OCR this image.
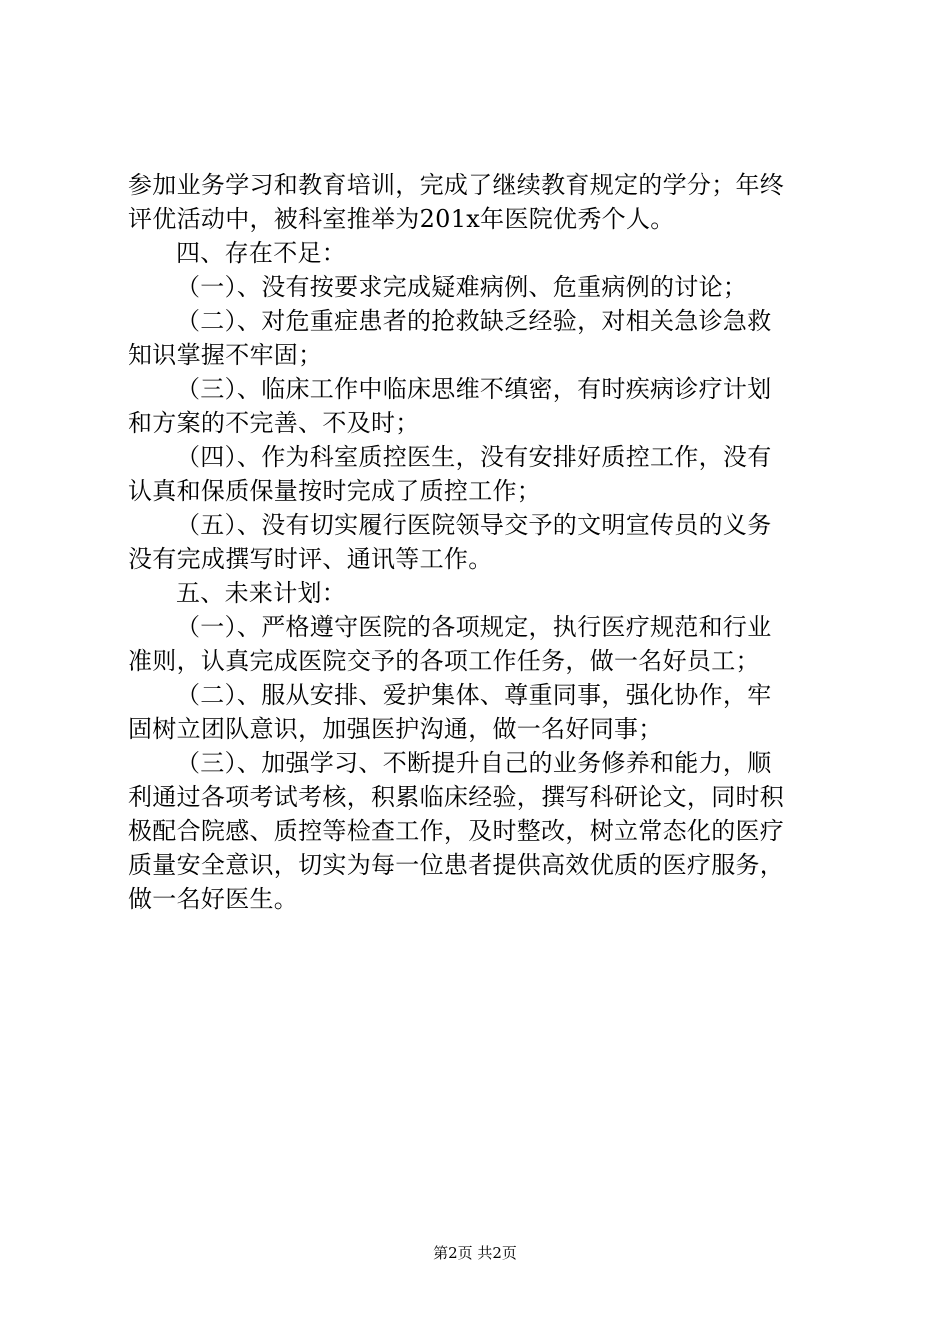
参加业务学习和教育培训，完成了继续教育规定的学分；年终
评优活动中，被科室推举为201x年医院优秀个人。
四、存在不足：
（一）、没有按要求完成疑难病例、危重病例的讨论；
（二）、对危重症患者的抢救缺乏经验，对相关急诊急救
知识掌握不牢固；
（三）、临床工作中临床思维不缜密，有时疾病诊疗计划
和方案的不完善、不及时；
（四）、作为科室质控医生，没有安排好质控工作，没有
认真和保质保量按时完成了质控工作；
（五）、没有切实履行医院领导交予的文明宣传员的义务
没有完成撰写时评、通讯等工作。
五、未来计划：
（一）、严格遵守医院的各项规定，执行医疗规范和行业
准则，认真完成医院交予的各项工作任务，做一名好员工；
（二）、服从安排、爱护集体、尊重同事，强化协作，牢
固树立团队意识，加强医护沟通，做一名好同事；
（三）、加强学习、不断提升自己的业务修养和能力，顺
利通过各项考试考核，积累临床经验，撰写科研论文，同时积
极配合院感、质控等检查工作，及时整改，树立常态化的医疗
质量安全意识，切实为每一位患者提供高效优质的医疗服务，
做一名好医生。
第2页 共2页
